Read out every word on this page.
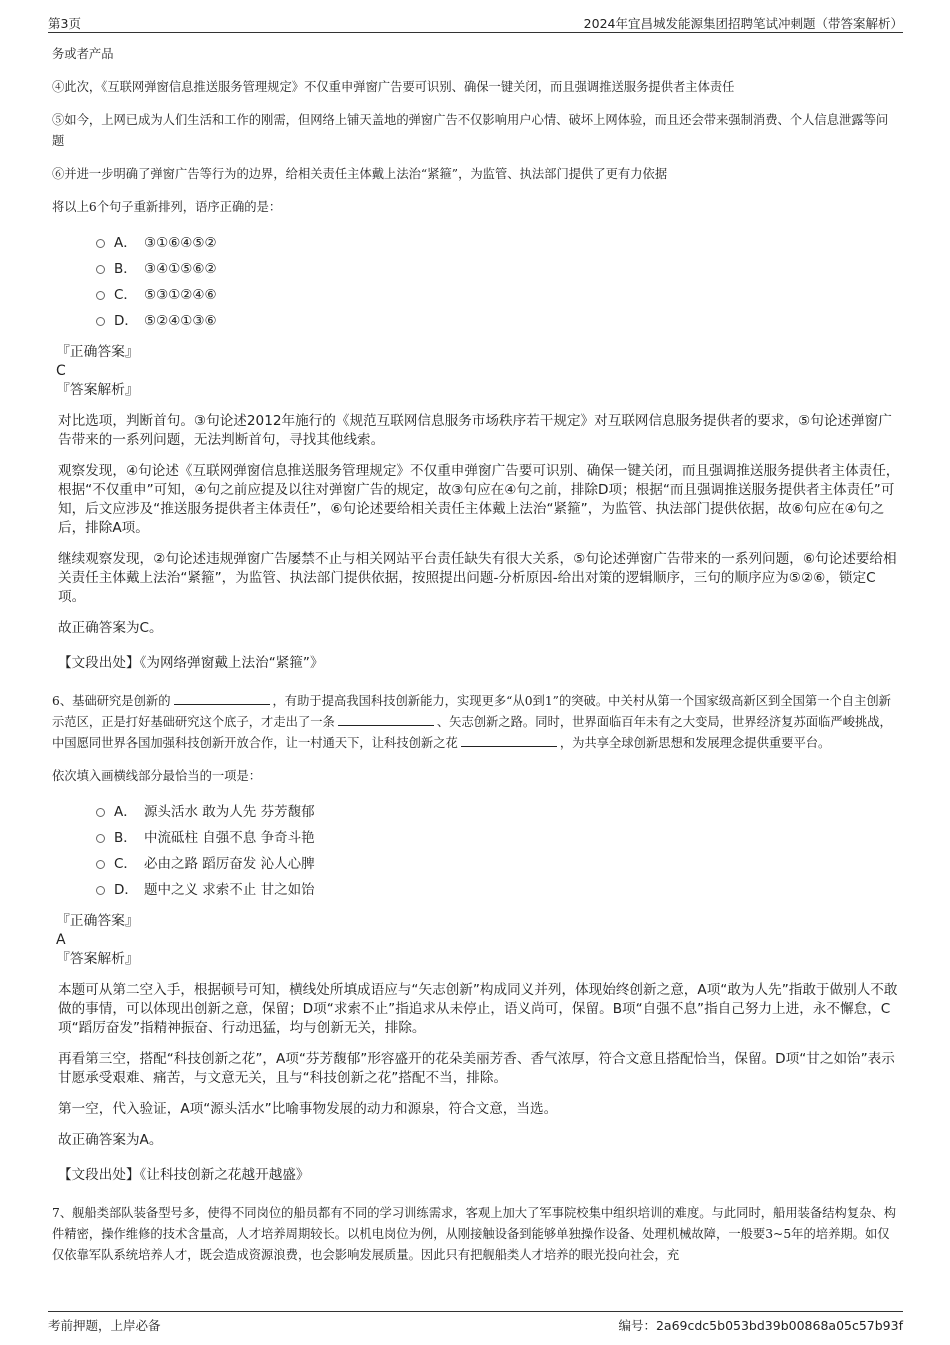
第3页	2024年宜昌城发能源集团招聘笔试冲刺题（带答案解析）

务或者产品

④此次，《互联网弹窗信息推送服务管理规定》不仅重申弹窗广告要可识别、确保一键关闭，而且强调推送服务提供者主体责任

⑤如今，上网已成为人们生活和工作的刚需，但网络上铺天盖地的弹窗广告不仅影响用户心情、破坏上网体验，而且还会带来强制消费、个人信息泄露等问题

⑥并进一步明确了弹窗广告等行为的边界，给相关责任主体戴上法治“紧箍”，为监管、执法部门提供了更有力依据

将以上6个句子重新排列，语序正确的是：

A． ③①⑥④⑤②
B． ③④①⑤⑥②
C． ⑤③①②④⑥
D． ⑤②④①③⑥
『正确答案』
C
『答案解析』

对比选项，判断首句。③句论述2012年施行的《规范互联网信息服务市场秩序若干规定》对互联网信息服务提供者的要求，⑤句论述弹窗广告带来的一系列问题，无法判断首句，寻找其他线索。

观察发现，④句论述《互联网弹窗信息推送服务管理规定》不仅重申弹窗广告要可识别、确保一键关闭，而且强调推送服务提供者主体责任，根据“不仅重申”可知，④句之前应提及以往对弹窗广告的规定，故③句应在④句之前，排除D项；根据“而且强调推送服务提供者主体责任”可知，后文应涉及“推送服务提供者主体责任”，⑥句论述要给相关责任主体戴上法治“紧箍”，为监管、执法部门提供依据，故⑥句应在④句之后，排除A项。

继续观察发现，②句论述违规弹窗广告屡禁不止与相关网站平台责任缺失有很大关系，⑤句论述弹窗广告带来的一系列问题，⑥句论述要给相关责任主体戴上法治“紧箍”，为监管、执法部门提供依据，按照提出问题-分析原因-给出对策的逻辑顺序，三句的顺序应为⑤②⑥，锁定C项。

故正确答案为C。

【文段出处】《为网络弹窗戴上法治“紧箍”》

6、基础研究是创新的	，有助于提高我国科技创新能力，实现更多“从0到1”的突破。中关村从第一个国家级高新区到全国第一个自主创新示范区，正是打好基础研究这个底子，才走出了一条	、矢志创新之路。同时，世界面临百年未有之大变局，世界经济复苏面临严峻挑战，中国愿同世界各国加强科技创新开放合作，让一村通天下，让科技创新之花	，为共享全球创新思想和发展理念提供重要平台。

依次填入画横线部分最恰当的一项是：

A． 源头活水 敢为人先 芬芳馥郁
B． 中流砥柱 自强不息 争奇斗艳
C． 必由之路 蹈厉奋发 沁人心脾
D． 题中之义 求索不止 甘之如饴
『正确答案』
A
『答案解析』

本题可从第二空入手，根据顿号可知，横线处所填成语应与“矢志创新”构成同义并列，体现始终创新之意，A项“敢为人先”指敢于做别人不敢做的事情，可以体现出创新之意，保留；D项“求索不止”指追求从未停止，语义尚可，保留。B项“自强不息”指自己努力上进，永不懈怠，C项“蹈厉奋发”指精神振奋、行动迅猛，均与创新无关，排除。

再看第三空，搭配“科技创新之花”，A项“芬芳馥郁”形容盛开的花朵美丽芳香、香气浓厚，符合文意且搭配恰当，保留。D项“甘之如饴”表示甘愿承受艰难、痛苦，与文意无关，且与“科技创新之花”搭配不当，排除。

第一空，代入验证，A项“源头活水”比喻事物发展的动力和源泉，符合文意，当选。

故正确答案为A。

【文段出处】《让科技创新之花越开越盛》

7、舰船类部队装备型号多，使得不同岗位的船员都有不同的学习训练需求，客观上加大了军事院校集中组织培训的难度。与此同时，船用装备结构复杂、构件精密，操作维修的技术含量高，人才培养周期较长。以机电岗位为例，从刚接触设备到能够单独操作设备、处理机械故障，一般要3~5年的培养期。如仅仅依靠军队系统培养人才，既会造成资源浪费，也会影响发展质量。因此只有把舰船类人才培养的眼光投向社会，充

考前押题，上岸必备	编号：2a69cdc5b053bd39b00868a05c57b93f
